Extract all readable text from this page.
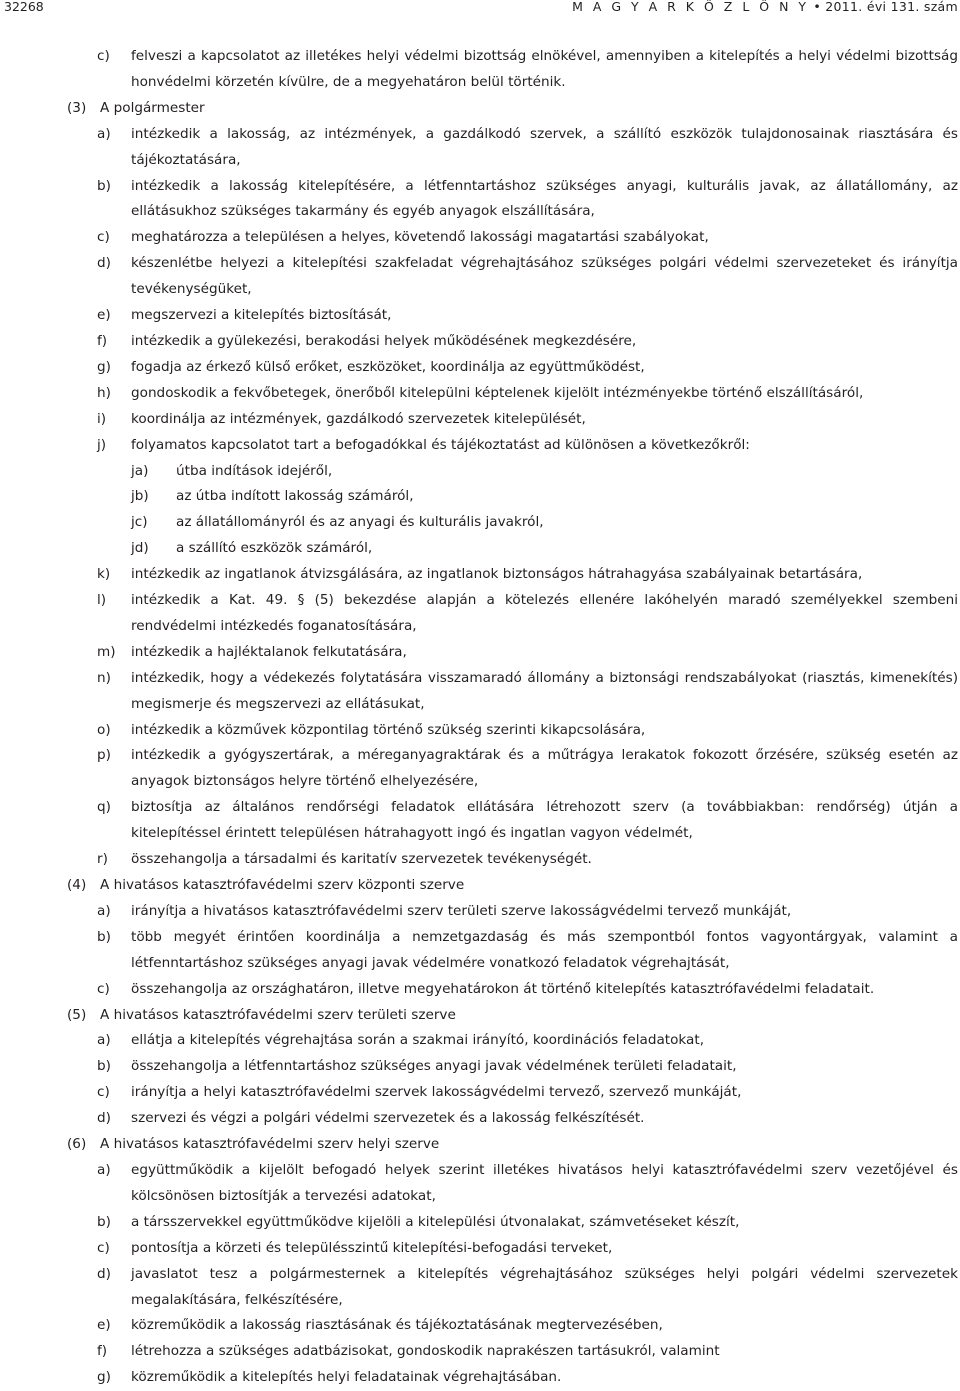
32268	M A G Y A R K Ö Z L Ö N Y • 2011. évi 131. szám
c) felveszi a kapcsolatot az illetékes helyi védelmi bizottság elnökével, amennyiben a kitelepítés a helyi védelmi bizottság honvédelmi körzetén kívülre, de a megyehatáron belül történik.
(3) A polgármester
a) intézkedik a lakosság, az intézmények, a gazdálkodó szervek, a szállító eszközök tulajdonosainak riasztására és tájékoztatására,
b) intézkedik a lakosság kitelepítésére, a létfenntartáshoz szükséges anyagi, kulturális javak, az állatállomány, az ellátásukhoz szükséges takarmány és egyéb anyagok elszállítására,
c) meghatározza a településen a helyes, követendő lakossági magatartási szabályokat,
d) készenlétbe helyezi a kitelepítési szakfeladat végrehajtásához szükséges polgári védelmi szervezeteket és irányítja tevékenységüket,
e) megszervezi a kitelepítés biztosítását,
f) intézkedik a gyülekezési, berakodási helyek működésének megkezdésére,
g) fogadja az érkező külső erőket, eszközöket, koordinálja az együttműködést,
h) gondoskodik a fekvőbetegek, önerőből kitelepülni képtelenek kijelölt intézményekbe történő elszállításáról,
i) koordinálja az intézmények, gazdálkodó szervezetek kitelepülését,
j) folyamatos kapcsolatot tart a befogadókkal és tájékoztatást ad különösen a következőkről:
ja) útba indítások idejéről,
jb) az útba indított lakosság számáról,
jc) az állatállományról és az anyagi és kulturális javakról,
jd) a szállító eszközök számáról,
k) intézkedik az ingatlanok átvizsgálására, az ingatlanok biztonságos hátrahagyása szabályainak betartására,
l) intézkedik a Kat. 49. § (5) bekezdése alapján a kötelezés ellenére lakóhelyén maradó személyekkel szembeni rendvédelmi intézkedés foganatosítására,
m) intézkedik a hajléktalanok felkutatására,
n) intézkedik, hogy a védekezés folytatására visszamaradó állomány a biztonsági rendszabályokat (riasztás, kimenekítés) megismerje és megszervezi az ellátásukat,
o) intézkedik a közművek központilag történő szükség szerinti kikapcsolására,
p) intézkedik a gyógyszertárak, a méreganyagraktárak és a műtrágya lerakatok fokozott őrzésére, szükség esetén az anyagok biztonságos helyre történő elhelyezésére,
q) biztosítja az általános rendőrségi feladatok ellátására létrehozott szerv (a továbbiakban: rendőrség) útján a kitelepítéssel érintett településen hátrahagyott ingó és ingatlan vagyon védelmét,
r) összehangolja a társadalmi és karitatív szervezetek tevékenységét.
(4) A hivatásos katasztrófavédelmi szerv központi szerve
a) irányítja a hivatásos katasztrófavédelmi szerv területi szerve lakosságvédelmi tervező munkáját,
b) több megyét érintően koordinálja a nemzetgazdaság és más szempontból fontos vagyontárgyak, valamint a létfenntartáshoz szükséges anyagi javak védelmére vonatkozó feladatok végrehajtását,
c) összehangolja az országhatáron, illetve megyehatárokon át történő kitelepítés katasztrófavédelmi feladatait.
(5) A hivatásos katasztrófavédelmi szerv területi szerve
a) ellátja a kitelepítés végrehajtása során a szakmai irányító, koordinációs feladatokat,
b) összehangolja a létfenntartáshoz szükséges anyagi javak védelmének területi feladatait,
c) irányítja a helyi katasztrófavédelmi szervek lakosságvédelmi tervező, szervező munkáját,
d) szervezi és végzi a polgári védelmi szervezetek és a lakosság felkészítését.
(6) A hivatásos katasztrófavédelmi szerv helyi szerve
a) együttműködik a kijelölt befogadó helyek szerint illetékes hivatásos helyi katasztrófavédelmi szerv vezetőjével és kölcsönösen biztosítják a tervezési adatokat,
b) a társszervekkel együttműködve kijelöli a kitelepülési útvonalakat, számvetéseket készít,
c) pontosítja a körzeti és településszintű kitelepítési-befogadási terveket,
d) javaslatot tesz a polgármesternek a kitelepítés végrehajtásához szükséges helyi polgári védelmi szervezetek megalakítására, felkészítésére,
e) közreműködik a lakosság riasztásának és tájékoztatásának megtervezésében,
f) létrehozza a szükséges adatbázisokat, gondoskodik naprakészen tartásukról, valamint
g) közreműködik a kitelepítés helyi feladatainak végrehajtásában.
